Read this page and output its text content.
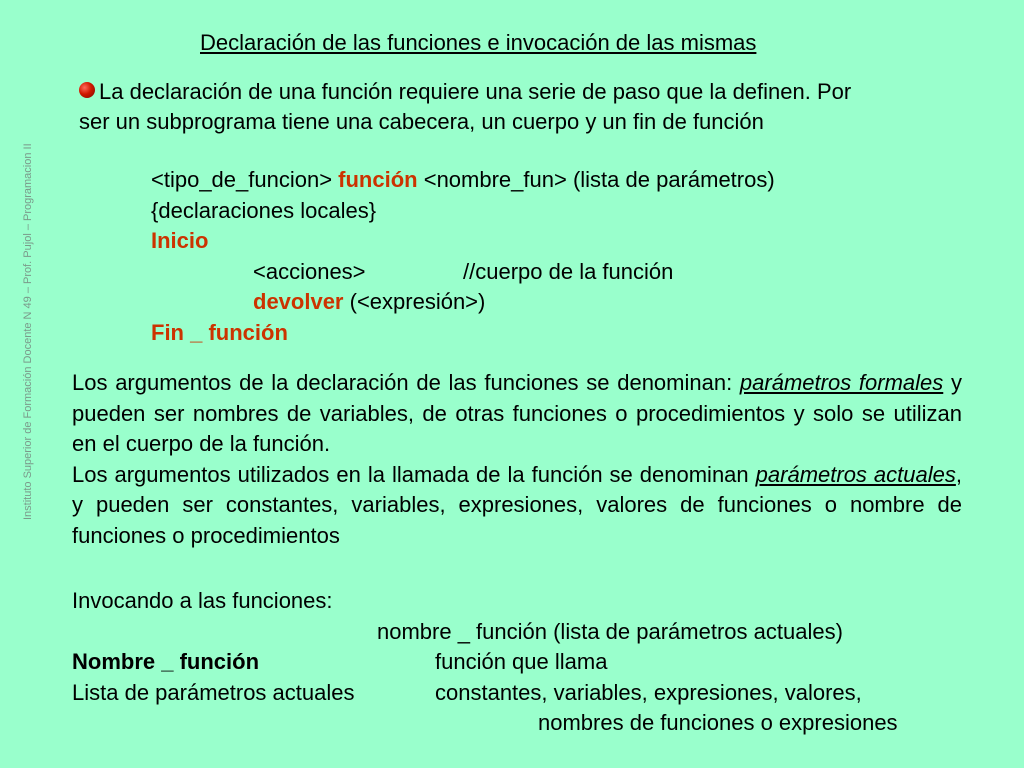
Instituto Superior de Formación Docente N 49 – Prof. Pujol – Programacion II
Declaración de las funciones e invocación de las mismas
La declaración de una función requiere una serie de paso que la definen. Por
ser un subprograma tiene una cabecera, un cuerpo y un fin de función
<tipo_de_funcion> función <nombre_fun> (lista de parámetros)
{declaraciones locales}
Inicio
<acciones>	//cuerpo de la función
devolver (<expresión>)
Fin _ función

Los argumentos de la declaración de las funciones se denominan: parámetros formales y pueden ser nombres de variables, de otras funciones o procedimientos y solo se utilizan en el cuerpo de la función.

Los argumentos utilizados en la llamada de la función se denominan parámetros actuales, y pueden ser constantes, variables, expresiones, valores de funciones o nombre de funciones o procedimientos

Invocando a las funciones:
nombre _ función (lista de parámetros actuales)
Nombre _ función	función que llama
Lista de parámetros actuales	constantes, variables, expresiones, valores,
nombres de funciones o expresiones
